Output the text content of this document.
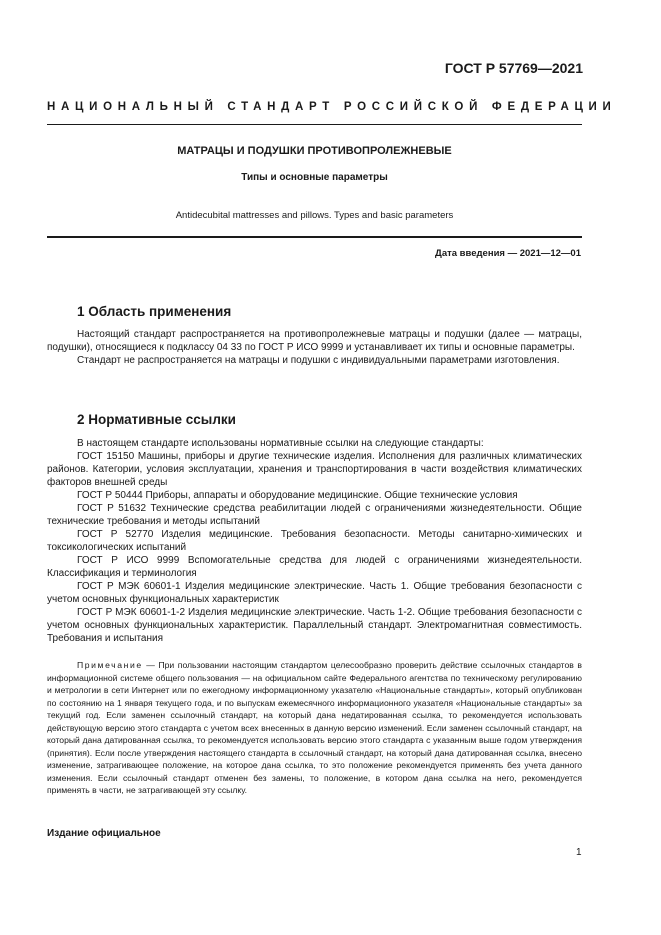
ГОСТ Р 57769—2021
НАЦИОНАЛЬНЫЙ СТАНДАРТ РОССИЙСКОЙ ФЕДЕРАЦИИ
МАТРАЦЫ И ПОДУШКИ ПРОТИВОПРОЛЕЖНЕВЫЕ
Типы и основные параметры
Antidecubital mattresses and pillows. Types and basic parameters
Дата введения — 2021—12—01
1 Область применения

Настоящий стандарт распространяется на противопролежневые матрацы и подушки (далее — матрацы, подушки), относящиеся к подклассу 04 33 по ГОСТ Р ИСО 9999 и устанавливает их типы и основные параметры.

Стандарт не распространяется на матрацы и подушки с индивидуальными параметрами изготовления.

2 Нормативные ссылки

В настоящем стандарте использованы нормативные ссылки на следующие стандарты:

ГОСТ 15150 Машины, приборы и другие технические изделия. Исполнения для различных климатических районов. Категории, условия эксплуатации, хранения и транспортирования в части воздействия климатических факторов внешней среды

ГОСТ Р 50444 Приборы, аппараты и оборудование медицинские. Общие технические условия

ГОСТ Р 51632 Технические средства реабилитации людей с ограничениями жизнедеятельности. Общие технические требования и методы испытаний

ГОСТ Р 52770 Изделия медицинские. Требования безопасности. Методы санитарно-химических и токсикологических испытаний

ГОСТ Р ИСО 9999 Вспомогательные средства для людей с ограничениями жизнедеятельности. Классификация и терминология

ГОСТ Р МЭК 60601-1 Изделия медицинские электрические. Часть 1. Общие требования безопасности с учетом основных функциональных характеристик

ГОСТ Р МЭК 60601-1-2 Изделия медицинские электрические. Часть 1-2. Общие требования безопасности с учетом основных функциональных характеристик. Параллельный стандарт. Электромагнитная совместимость. Требования и испытания

Примечание — При пользовании настоящим стандартом целесообразно проверить действие ссылочных стандартов в информационной системе общего пользования — на официальном сайте Федерального агентства по техническому регулированию и метрологии в сети Интернет или по ежегодному информационному указателю «Национальные стандарты», который опубликован по состоянию на 1 января текущего года, и по выпускам ежемесячного информационного указателя «Национальные стандарты» за текущий год. Если заменен ссылочный стандарт, на который дана недатированная ссылка, то рекомендуется использовать действующую версию этого стандарта с учетом всех внесенных в данную версию изменений. Если заменен ссылочный стандарт, на который дана датированная ссылка, то рекомендуется использовать версию этого стандарта с указанным выше годом утверждения (принятия). Если после утверждения настоящего стандарта в ссылочный стандарт, на который дана датированная ссылка, внесено изменение, затрагивающее положение, на которое дана ссылка, то это положение рекомендуется применять без учета данного изменения. Если ссылочный стандарт отменен без замены, то положение, в котором дана ссылка на него, рекомендуется применять в части, не затрагивающей эту ссылку.

Издание официальное
1
